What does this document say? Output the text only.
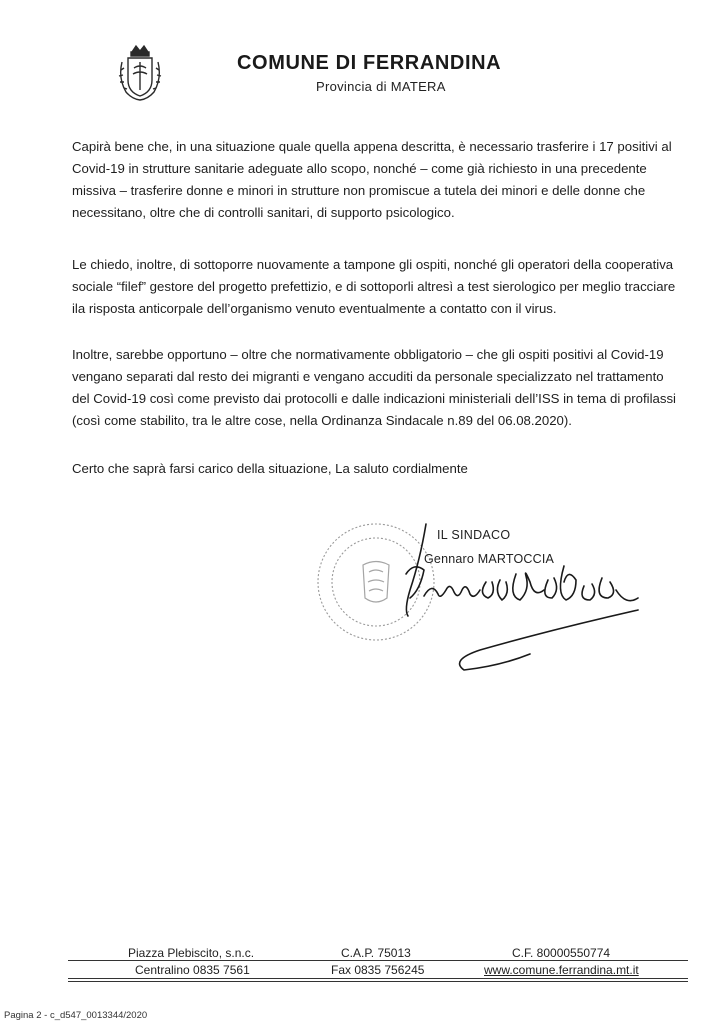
COMUNE DI FERRANDINA
Provincia di MATERA

Capirà bene che, in una situazione quale quella appena descritta, è necessario trasferire i 17 positivi al Covid-19 in strutture sanitarie adeguate allo scopo, nonché – come già richiesto in una precedente missiva – trasferire donne e minori in strutture non promiscue a tutela dei minori e delle donne che necessitano, oltre che di controlli sanitari, di supporto psicologico.

Le chiedo, inoltre, di sottoporre nuovamente a tampone gli ospiti, nonché gli operatori della cooperativa sociale “filef” gestore del progetto prefettizio, e di sottoporli altresì a test sierologico per meglio tracciare ila risposta anticorpale dell’organismo venuto eventualmente a contatto con il virus.

Inoltre, sarebbe opportuno – oltre che normativamente obbligatorio – che gli ospiti positivi al Covid-19 vengano separati dal resto dei migranti e vengano accuditi da personale specializzato nel trattamento del Covid-19 così come previsto dai protocolli e dalle indicazioni ministeriali dell’ISS in tema di profilassi (così come stabilito, tra le altre cose, nella Ordinanza Sindacale n.89 del 06.08.2020).

Certo che saprà farsi carico della situazione, La saluto cordialmente

IL SINDACO
Gennaro MARTOCCIA
Piazza Plebiscito, s.n.c.	C.A.P. 75013	C.F. 80000550774
Centralino 0835 7561	Fax 0835 756245	www.comune.ferrandina.mt.it
Pagina 2 - c_d547_0013344/2020
